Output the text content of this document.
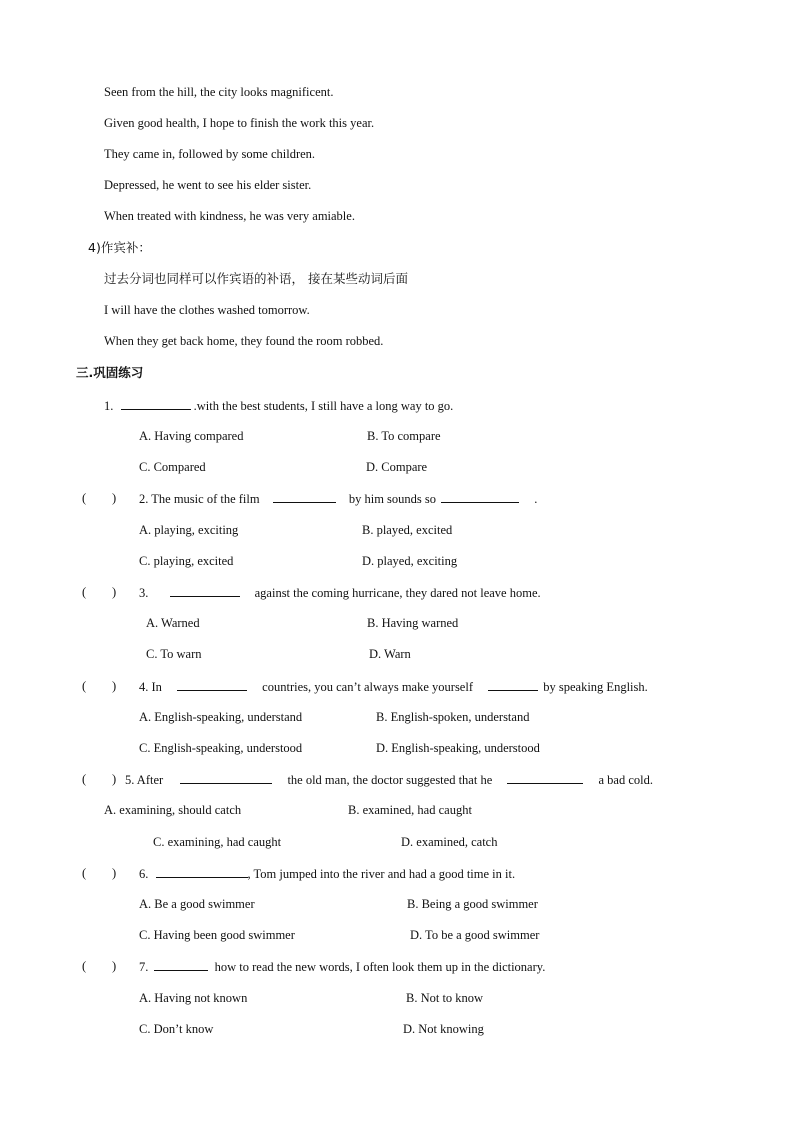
Seen from the hill, the city looks magnificent.
Given good health, I hope to finish the work this year.
They came in, followed by some children.
Depressed, he went to see his elder sister.
When treated with kindness, he was very amiable.
4)作宾补：
过去分词也同样可以作宾语的补语， 接在某些动词后面
I will have the clothes washed tomorrow.
When they get back home, they found the room robbed.
三.巩固练习
1.	.with the best students, I still have a long way to go.
A. Having compared	B. To compare
C. Compared	D. Compare
( ) 2. The music of the film	by him sounds so	.
A. playing, exciting	B. played, excited
C. playing, excited	D. played, exciting
( ) 3.	against the coming hurricane, they dared not leave home.
A. Warned	B. Having warned
C. To warn	D. Warn
( ) 4. In	countries, you can’t always make yourself	by speaking English.
A. English-speaking, understand	B. English-spoken, understand
C. English-speaking, understood	D. English-speaking, understood
( ) 5. After	the old man, the doctor suggested that he	a bad cold.
A. examining, should catch	B. examined, had caught
C. examining, had caught	D. examined, catch
( ) 6.	, Tom jumped into the river and had a good time in it.
A. Be a good swimmer	B. Being a good swimmer
C. Having been good swimmer	D. To be a good swimmer
( ) 7.	how to read the new words, I often look them up in the dictionary.
A. Having not known	B. Not to know
C. Don’t know	D. Not knowing
